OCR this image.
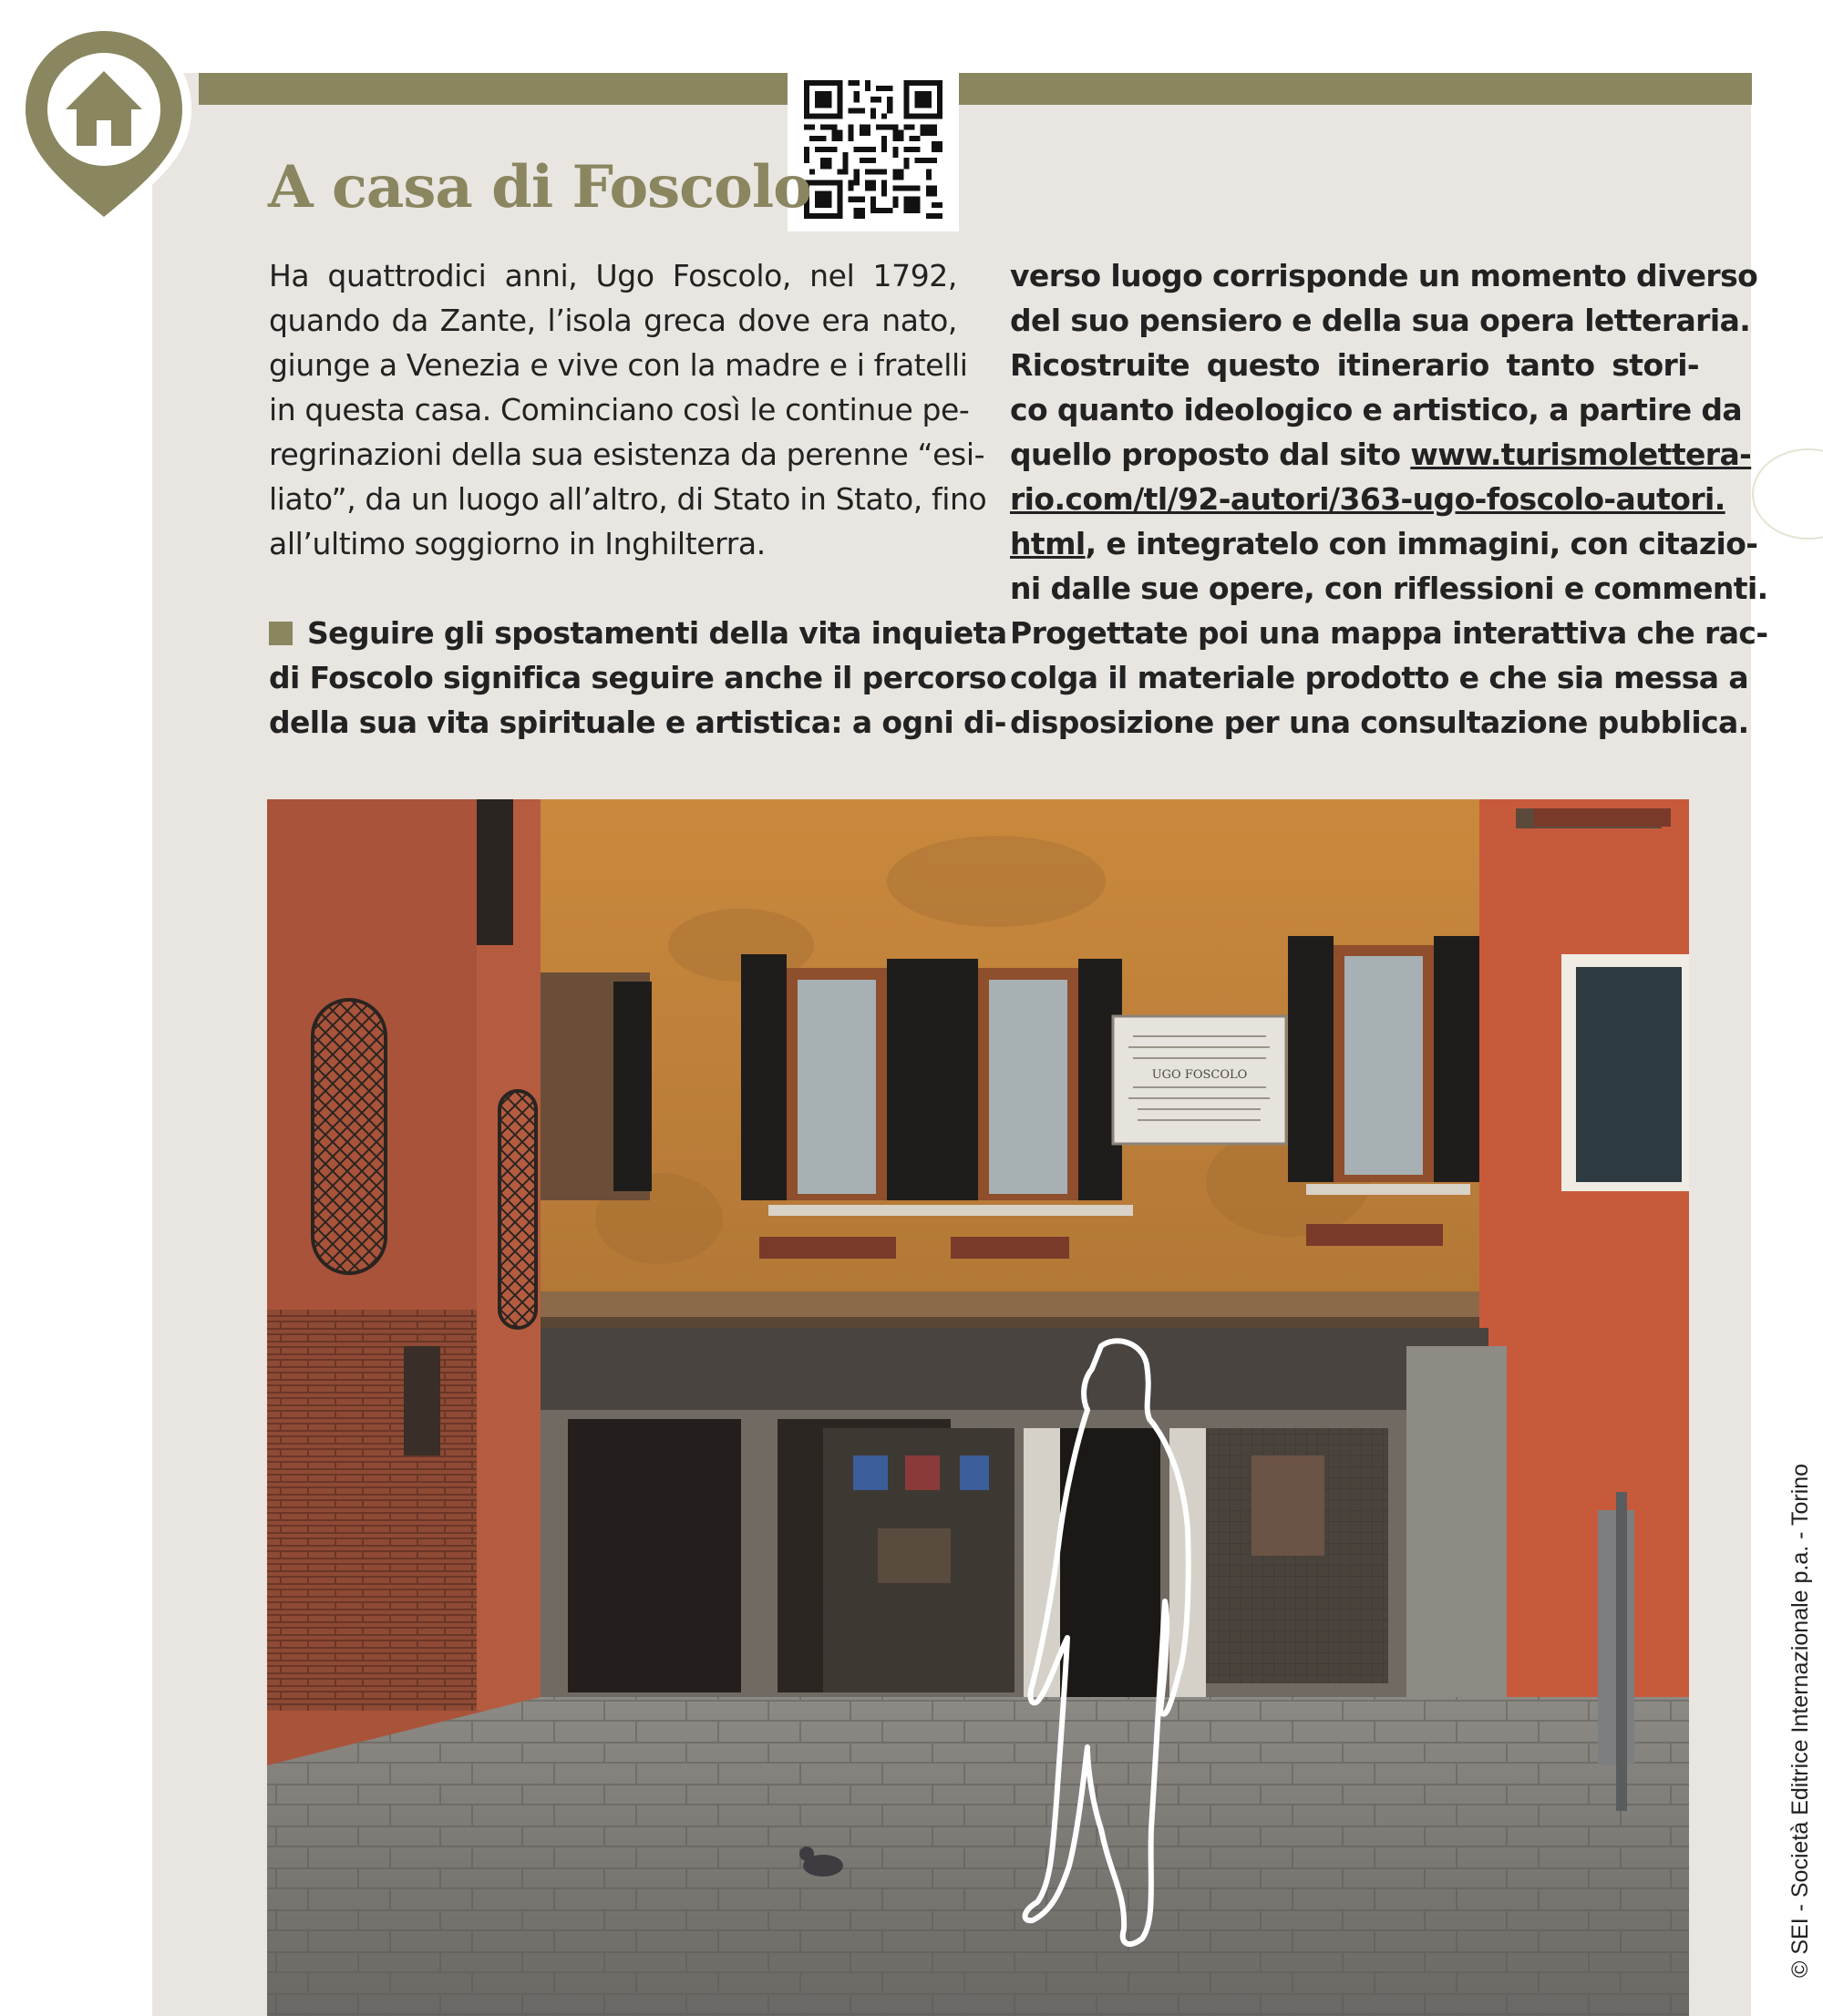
A casa di Foscolo
Ha quattrodici anni, Ugo Foscolo, nel 1792,
quando da Zante, l’isola greca dove era nato,
giunge a Venezia e vive con la madre e i fratelli
in questa casa. Cominciano così le continue pe-
regrinazioni della sua esistenza da perenne “esi-
liato”, da un luogo all’altro, di Stato in Stato, fino
all’ultimo soggiorno in Inghilterra.
Seguire gli spostamenti della vita inquieta
di Foscolo significa seguire anche il percorso
della sua vita spirituale e artistica: a ogni di-
verso luogo corrisponde un momento diverso
del suo pensiero e della sua opera letteraria.
Ricostruite questo itinerario tanto stori-
co quanto ideologico e artistico, a partire da
quello proposto dal sito www.turismolettera-
rio.com/tl/92-autori/363-ugo-foscolo-autori.
html, e integratelo con immagini, con citazio-
ni dalle sue opere, con riflessioni e commenti.
Progettate poi una mappa interattiva che rac-
colga il materiale prodotto e che sia messa a
disposizione per una consultazione pubblica.
UGO FOSCOLO
© SEI - Società Editrice Internazionale p.a. - Torino
